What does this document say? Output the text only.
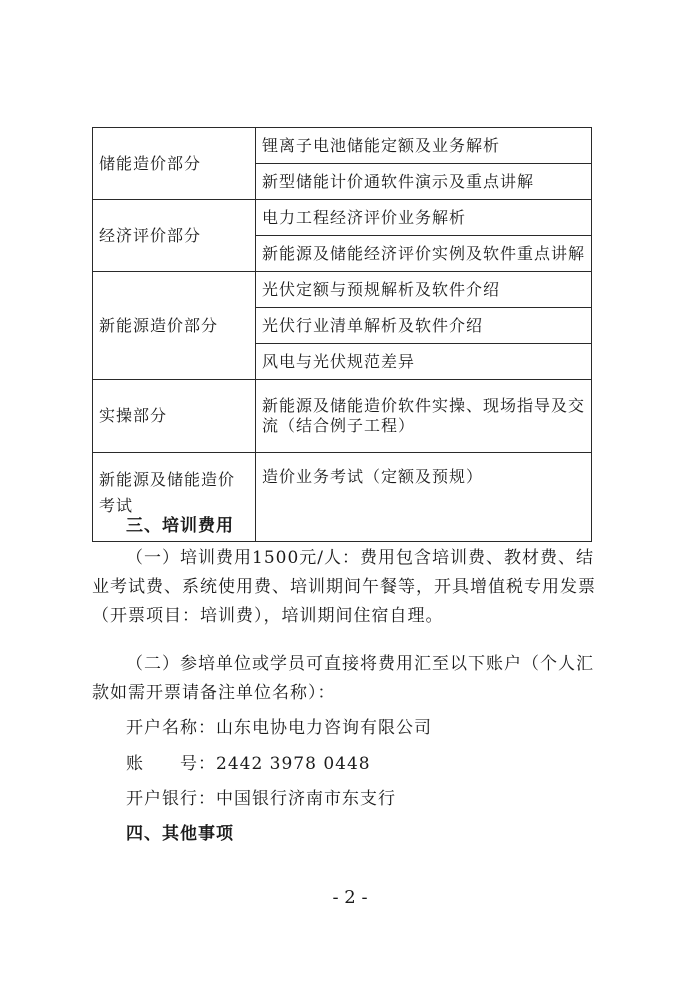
储能造价部分	锂离子电池储能定额及业务解析
	新型储能计价通软件演示及重点讲解
经济评价部分	电力工程经济评价业务解析
	新能源及储能经济评价实例及软件重点讲解
新能源造价部分	光伏定额与预规解析及软件介绍
	光伏行业清单解析及软件介绍
	风电与光伏规范差异
实操部分	新能源及储能造价软件实操、现场指导及交流（结合例子工程）
新能源及储能造价考试	造价业务考试（定额及预规）
三、培训费用
（一）培训费用1500元/人：费用包含培训费、教材费、结业考试费、系统使用费、培训期间午餐等，开具增值税专用发票（开票项目：培训费），培训期间住宿自理。
（二）参培单位或学员可直接将费用汇至以下账户（个人汇款如需开票请备注单位名称）：
开户名称：山东电协电力咨询有限公司
账　　号：2442 3978 0448
开户银行：中国银行济南市东支行
四、其他事项
- 2 -
